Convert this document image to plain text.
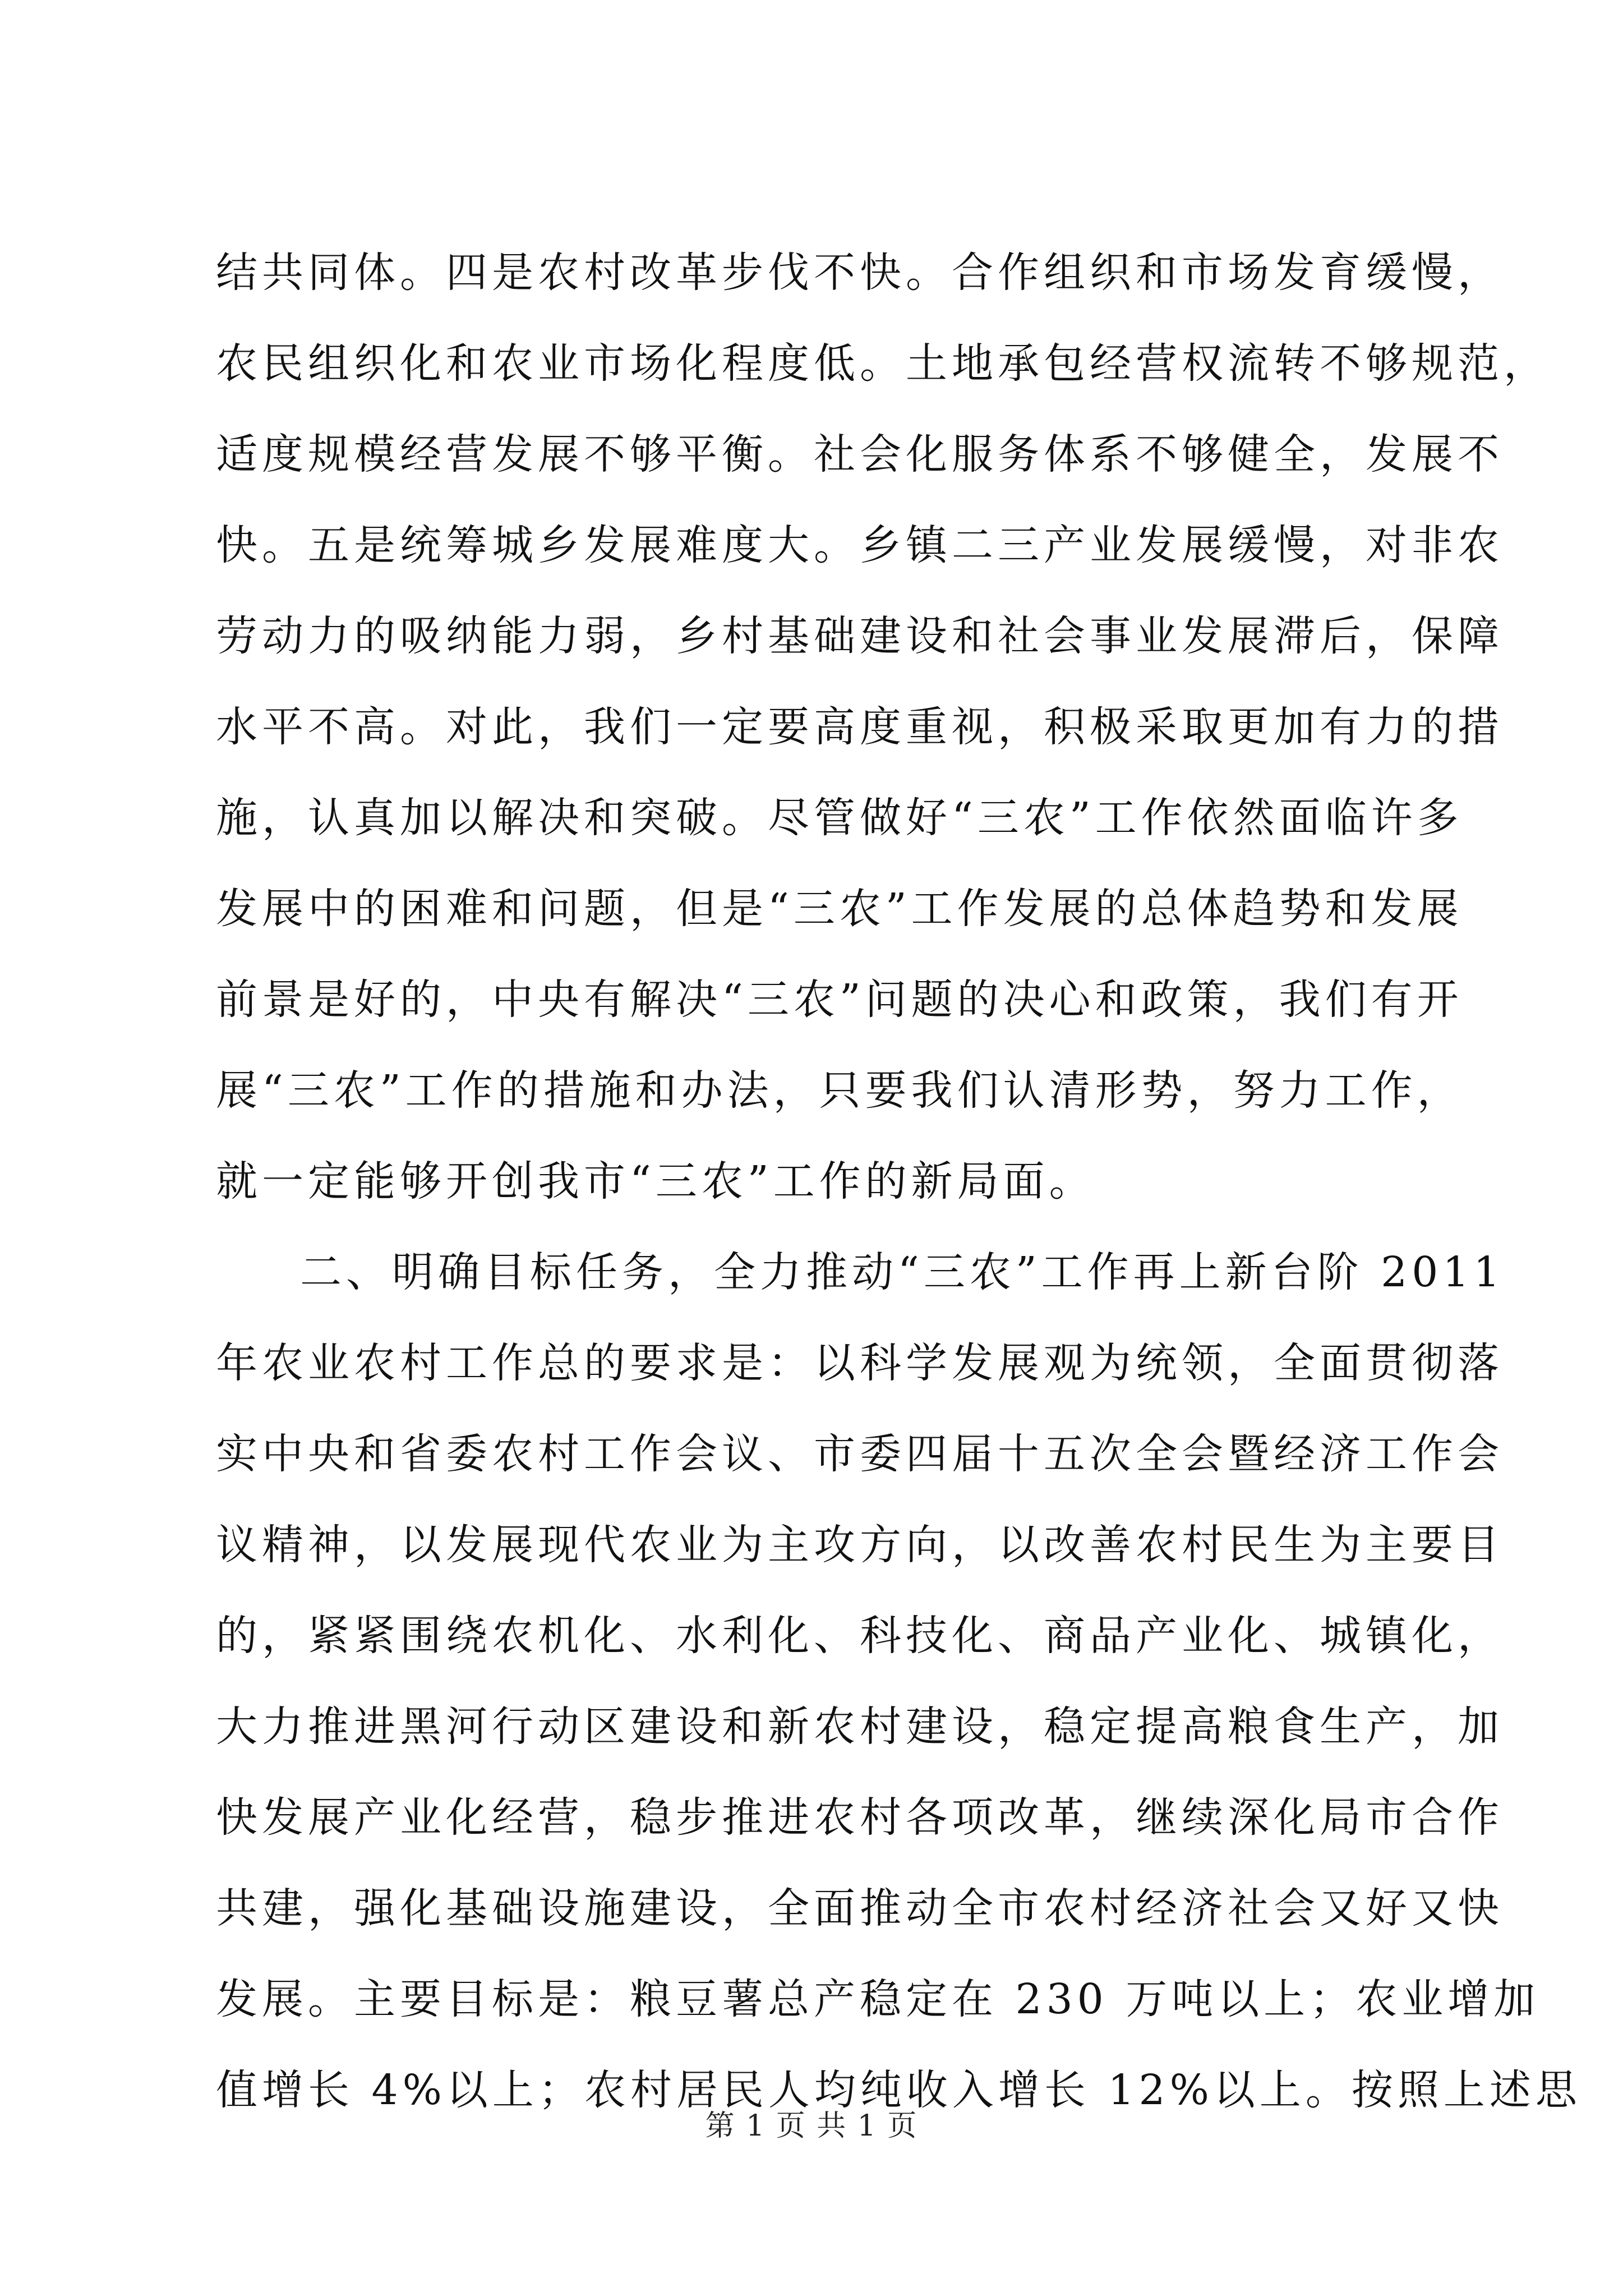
结共同体。四是农村改革步伐不快。合作组织和市场发育缓慢，
农民组织化和农业市场化程度低。土地承包经营权流转不够规范，
适度规模经营发展不够平衡。社会化服务体系不够健全，发展不
快。五是统筹城乡发展难度大。乡镇二三产业发展缓慢，对非农
劳动力的吸纳能力弱，乡村基础建设和社会事业发展滞后，保障
水平不高。对此，我们一定要高度重视，积极采取更加有力的措
施，认真加以解决和突破。尽管做好“三农”工作依然面临许多
发展中的困难和问题，但是“三农”工作发展的总体趋势和发展
前景是好的，中央有解决“三农”问题的决心和政策，我们有开
展“三农”工作的措施和办法，只要我们认清形势，努力工作，
就一定能够开创我市“三农”工作的新局面。
二、明确目标任务，全力推动“三农”工作再上新台阶 2011
年农业农村工作总的要求是：以科学发展观为统领，全面贯彻落
实中央和省委农村工作会议、市委四届十五次全会暨经济工作会
议精神，以发展现代农业为主攻方向，以改善农村民生为主要目
的，紧紧围绕农机化、水利化、科技化、商品产业化、城镇化，
大力推进黑河行动区建设和新农村建设，稳定提高粮食生产，加
快发展产业化经营，稳步推进农村各项改革，继续深化局市合作
共建，强化基础设施建设，全面推动全市农村经济社会又好又快
发展。主要目标是：粮豆薯总产稳定在 230 万吨以上；农业增加
值增长 4%以上；农村居民人均纯收入增长 12%以上。按照上述思
第 1 页 共 1 页
